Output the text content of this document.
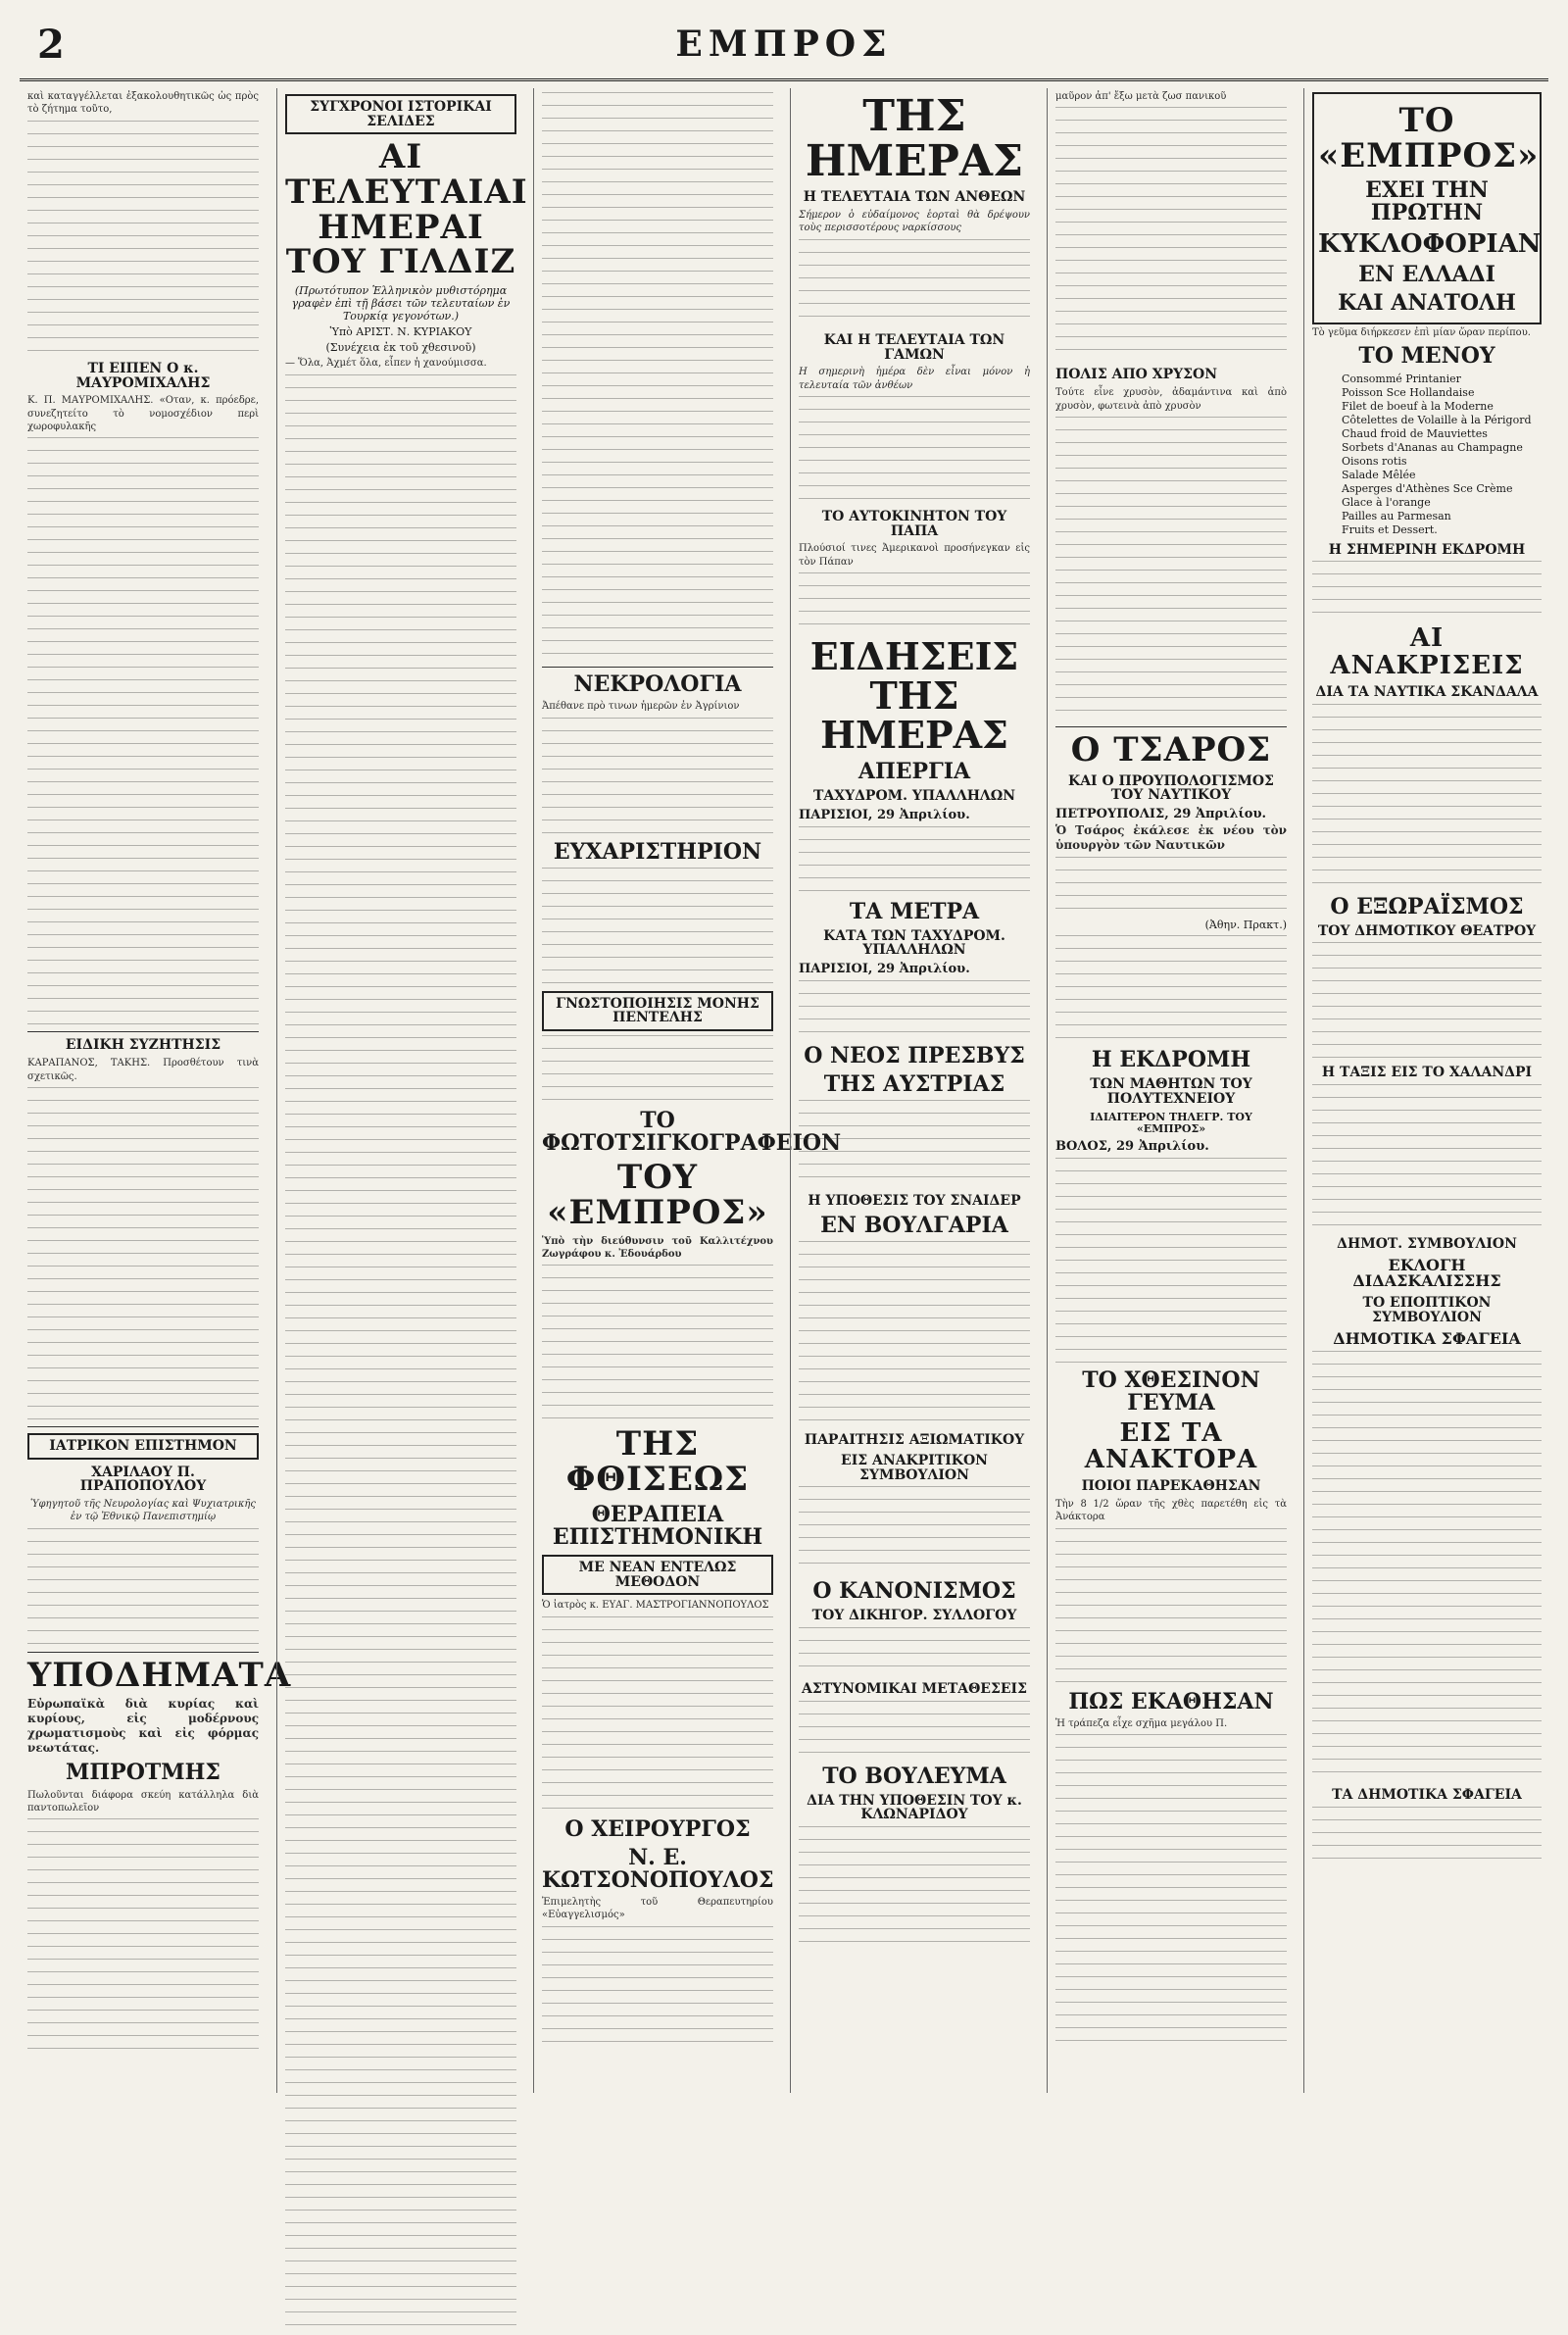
2	ΕΜΠΡΟΣ

καὶ καταγγέλλεται ἐξακολουθητικῶς ὡς πρὸς τὸ ζήτημα τοῦτο,

ΤΙ ΕΙΠΕΝ Ο κ. ΜΑΥΡΟΜΙΧΑΛΗΣ

Κ. Π. ΜΑΥΡΟΜΙΧΑΛΗΣ. «Οταν, κ. πρόεδρε, συνεζητείτο τὸ νομοσχέδιον περὶ χωροφυλακῆς

ΕΙΔΙΚΗ ΣΥΖΗΤΗΣΙΣ

ΚΑΡΑΠΑΝΟΣ, ΤΑΚΗΣ. Προσθέτουν τινὰ σχετικῶς.

ΙΑΤΡΙΚΟΝ ΕΠΙΣΤΗΜΟΝ
ΧΑΡΙΛΑΟΥ Π. ΠΡΑΠΟΠΟΥΛΟΥ

Ὑφηγητοῦ τῆς Νευρολογίας καὶ Ψυχιατρικῆς ἐν τῷ Ἐθνικῷ Πανεπιστημίῳ

ΥΠΟΔΗΜΑΤΑ

Εὐρωπαϊκὰ διὰ κυρίας καὶ κυρίους, εἰς μοδέρνους χρωματισμοὺς καὶ εἰς φόρμας νεωτάτας.

ΜΠΡΟΤΜΗΣ

Πωλοῦνται διάφορα σκεύη κατάλληλα διὰ παντοπωλεῖον

ΣΥΓΧΡΟΝΟΙ ΙΣΤΟΡΙΚΑΙ ΣΕΛΙΔΕΣ
ΑΙ ΤΕΛΕΥΤΑΙΑΙ ΗΜΕΡΑΙ ΤΟΥ ΓΙΛΔΙΖ

(Πρωτότυπον Ἑλληνικὸν μυθιστόρημα γραφὲν ἐπὶ τῇ βάσει τῶν τελευταίων ἐν Τουρκίᾳ γεγονότων.)

Ὑπὸ ΑΡΙΣΤ. Ν. ΚΥΡΙΑΚΟΥ
(Συνέχεια ἐκ τοῦ χθεσινοῦ)

— Ὅλα, Ἀχμέτ ὅλα, εἶπεν ἡ χανούμισσα.

ΝΕΚΡΟΛΟΓΙΑ

Ἀπέθανε πρὸ τινων ἡμερῶν ἐν Ἀγρίνιον

ΕΥΧΑΡΙΣΤΗΡΙΟΝ
ΓΝΩΣΤΟΠΟΙΗΣΙΣ ΜΟΝΗΣ ΠΕΝΤΕΛΗΣ
ΤΟ ΦΩΤΟΤΣΙΓΚΟΓΡΑΦΕΙΟΝ
ΤΟΥ «ΕΜΠΡΟΣ»

Ὑπὸ τὴν διεύθυνσιν τοῦ Καλλιτέχνου Ζωγράφου κ. Ἐδουάρδου

ΤΗΣ ΦΘΙΣΕΩΣ
ΘΕΡΑΠΕΙΑ ΕΠΙΣΤΗΜΟΝΙΚΗ
ΜΕ ΝΕΑΝ ΕΝΤΕΛΩΣ ΜΕΘΟΔΟΝ

Ὁ ἰατρὸς κ. ΕΥΑΓ. ΜΑΣΤΡΟΓΙΑΝΝΟΠΟΥΛΟΣ

Ο ΧΕΙΡΟΥΡΓΟΣ
Ν. Ε. ΚΩΤΣΟΝΟΠΟΥΛΟΣ

Ἐπιμελητὴς τοῦ Θεραπευτηρίου «Εὐαγγελισμός»

ΤΗΣ ΗΜΕΡΑΣ
Η ΤΕΛΕΥΤΑΙΑ ΤΩΝ ΑΝΘΕΩΝ

Σήμερον ὁ εὐδαίμονος ἑορταὶ θὰ δρέψουν τοὺς περισσοτέρους ναρκίσσους

ΚΑΙ Η ΤΕΛΕΥΤΑΙΑ ΤΩΝ ΓΑΜΩΝ

Η σημερινὴ ἡμέρα δὲν εἶναι μόνον ἡ τελευταία τῶν ἀνθέων

ΤΟ ΑΥΤΟΚΙΝΗΤΟΝ ΤΟΥ ΠΑΠΑ

Πλούσιοί τινες Ἀμερικανοὶ προσήνεγκαν εἰς τὸν Πάπαν

ΕΙΔΗΣΕΙΣ ΤΗΣ ΗΜΕΡΑΣ
ΑΠΕΡΓΙΑ
ΤΑΧΥΔΡΟΜ. ΥΠΑΛΛΗΛΩΝ
ΠΑΡΙΣΙΟΙ, 29 Ἀπριλίου.
ΤΑ ΜΕΤΡΑ
ΚΑΤΑ ΤΩΝ ΤΑΧΥΔΡΟΜ. ΥΠΑΛΛΗΛΩΝ
ΠΑΡΙΣΙΟΙ, 29 Ἀπριλίου.
Ο ΝΕΟΣ ΠΡΕΣΒΥΣ
ΤΗΣ ΑΥΣΤΡΙΑΣ
Η ΥΠΟΘΕΣΙΣ ΤΟΥ ΣΝΑΙΔΕΡ
ΕΝ ΒΟΥΛΓΑΡΙΑ
ΠΑΡΑΙΤΗΣΙΣ ΑΞΙΩΜΑΤΙΚΟΥ
ΕΙΣ ΑΝΑΚΡΙΤΙΚΟΝ ΣΥΜΒΟΥΛΙΟΝ
Ο ΚΑΝΟΝΙΣΜΟΣ
ΤΟΥ ΔΙΚΗΓΟΡ. ΣΥΛΛΟΓΟΥ
ΑΣΤΥΝΟΜΙΚΑΙ ΜΕΤΑΘΕΣΕΙΣ
ΤΟ ΒΟΥΛΕΥΜΑ
ΔΙΑ ΤΗΝ ΥΠΟΘΕΣΙΝ ΤΟΥ κ. ΚΛΩΝΑΡΙΔΟΥ

μαῦρον ἀπ' ἔξω μετὰ ζωσ πανικοῦ

ΠΟΛΙΣ ΑΠΟ ΧΡΥΣΟΝ

Τούτε εἶνε χρυσὸν, ἀδαμάντινα καὶ ἀπὸ χρυσὸν, φωτεινὰ ἀπὸ χρυσὸν

Ο ΤΣΑΡΟΣ
ΚΑΙ Ο ΠΡΟΥΠΟΛΟΓΙΣΜΟΣ ΤΟΥ ΝΑΥΤΙΚΟΥ
ΠΕΤΡΟΥΠΟΛΙΣ, 29 Ἀπριλίου.

Ὁ Τσάρος ἐκάλεσε ἐκ νέου τὸν ὑπουργὸν τῶν Ναυτικῶν

(Ἀθην. Πρακτ.)
Η ΕΚΔΡΟΜΗ
ΤΩΝ ΜΑΘΗΤΩΝ ΤΟΥ ΠΟΛΥΤΕΧΝΕΙΟΥ
ΙΔΙΑΙΤΕΡΟΝ ΤΗΛΕΓΡ. ΤΟΥ «ΕΜΠΡΟΣ»
ΒΟΛΟΣ, 29 Ἀπριλίου.
ΤΟ ΧΘΕΣΙΝΟΝ ΓΕΥΜΑ
ΕΙΣ ΤΑ ΑΝΑΚΤΟΡΑ
ΠΟΙΟΙ ΠΑΡΕΚΑΘΗΣΑΝ

Τὴν 8 1/2 ὥραν τῆς χθὲς παρετέθη εἰς τὰ Ἀνάκτορα

ΠΩΣ ΕΚΑΘΗΣΑΝ

Ἡ τράπεζα εἶχε σχῆμα μεγάλου Π.

ΤΟ «ΕΜΠΡΟΣ»
ΕΧΕΙ ΤΗΝ ΠΡΩΤΗΝ
ΚΥΚΛΟΦΟΡΙΑΝ
ΕΝ ΕΛΛΑΔΙ
ΚΑΙ ΑΝΑΤΟΛΗ

Τὸ γεῦμα διήρκεσεν ἐπὶ μίαν ὥραν περίπου.

ΤΟ ΜΕΝΟΥ
Consommé Printanier
Poisson Sce Hollandaise
Filet de boeuf à la Moderne
Côtelettes de Volaille à la Périgord
Chaud froid de Mauviettes
Sorbets d'Ananas au Champagne
Oisons rotis
Salade Mêlée
Asperges d'Athènes Sce Crème
Glace à l'orange
Pailles au Parmesan
Fruits et Dessert.
Η ΣΗΜΕΡΙΝΗ ΕΚΔΡΟΜΗ
ΑΙ ΑΝΑΚΡΙΣΕΙΣ
ΔΙΑ ΤΑ ΝΑΥΤΙΚΑ ΣΚΑΝΔΑΛΑ
Ο ΕΞΩΡΑΪΣΜΟΣ
ΤΟΥ ΔΗΜΟΤΙΚΟΥ ΘΕΑΤΡΟΥ
Η ΤΑΞΙΣ ΕΙΣ ΤΟ ΧΑΛΑΝΔΡΙ
ΔΗΜΟΤ. ΣΥΜΒΟΥΛΙΟΝ
ΕΚΛΟΓΗ ΔΙΔΑΣΚΑΛΙΣΣΗΣ
ΤΟ ΕΠΟΠΤΙΚΟΝ ΣΥΜΒΟΥΛΙΟΝ
ΔΗΜΟΤΙΚΑ ΣΦΑΓΕΙΑ
ΤΑ ΔΗΜΟΤΙΚΑ ΣΦΑΓΕΙΑ
